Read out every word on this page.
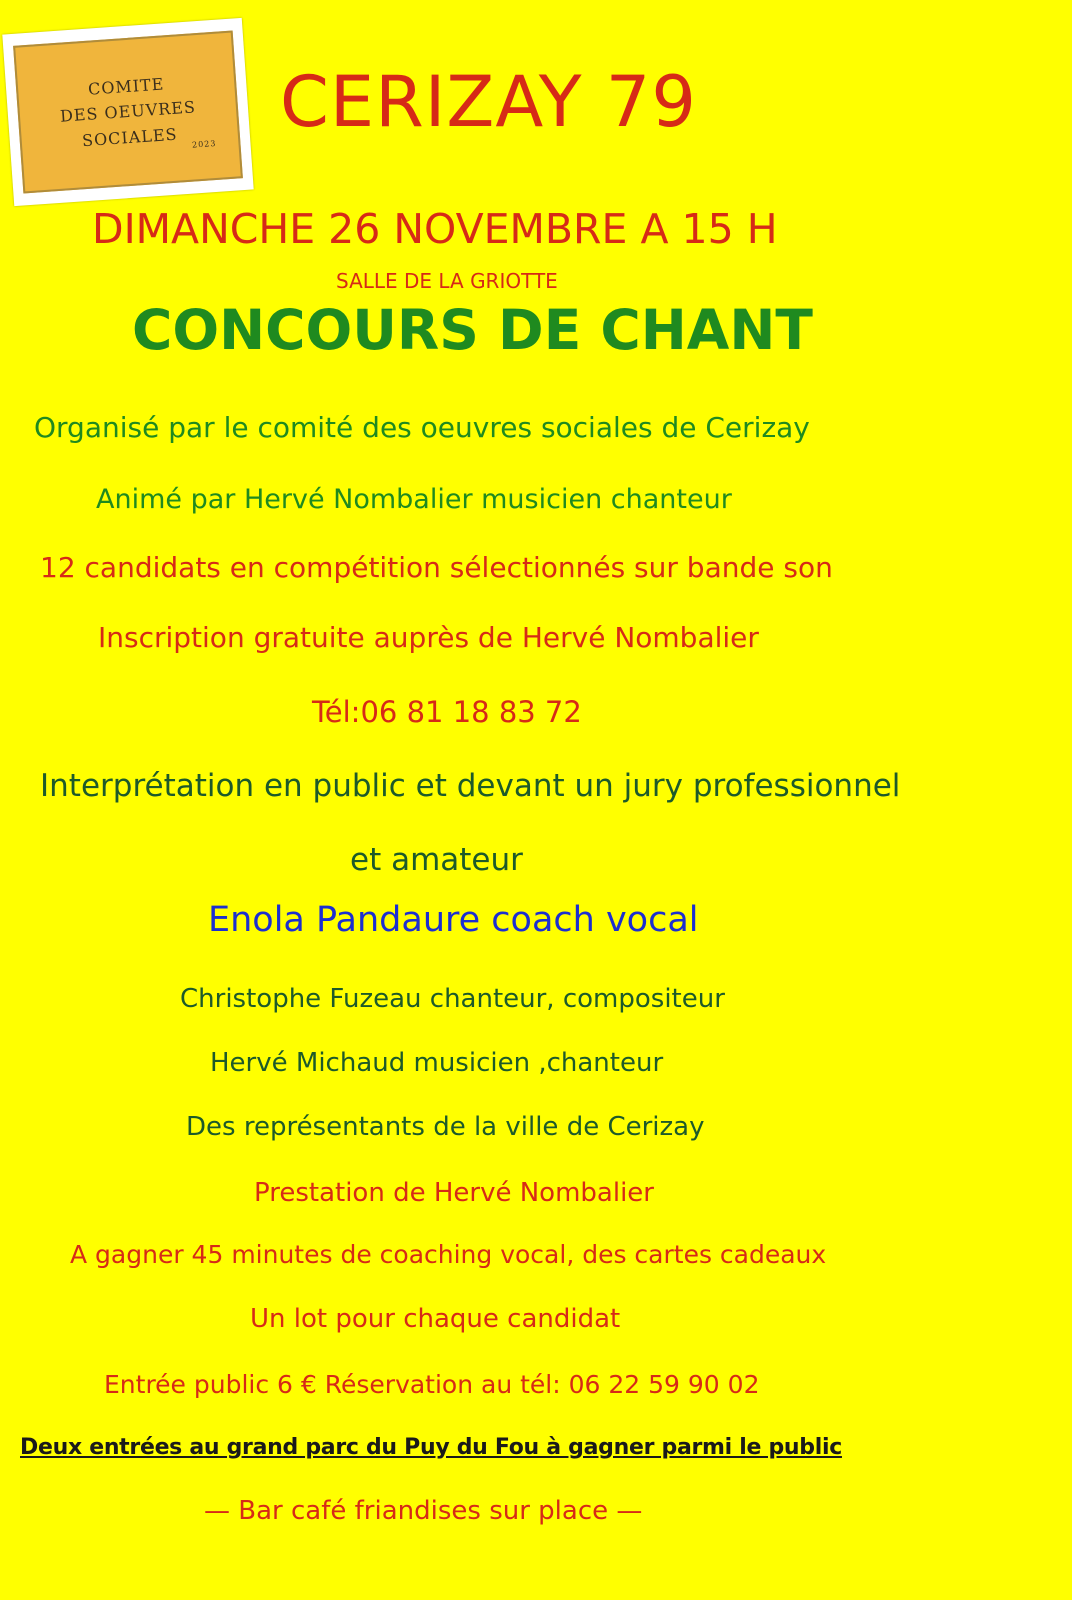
COMITE
DES OEUVRES
SOCIALES 2023
CERIZAY 79
DIMANCHE 26 NOVEMBRE A 15 H
SALLE DE LA GRIOTTE
CONCOURS DE CHANT
Organisé par le comité des oeuvres sociales de Cerizay
Animé par Hervé Nombalier musicien chanteur
12 candidats en compétition sélectionnés sur bande son
Inscription gratuite auprès de Hervé Nombalier
Tél:06 81 18 83 72
Interprétation en public et devant un jury professionnel
et amateur
Enola Pandaure coach vocal
Christophe Fuzeau chanteur, compositeur
Hervé Michaud musicien ,chanteur
Des représentants de la ville de Cerizay
Prestation de Hervé Nombalier
A gagner 45 minutes de coaching vocal, des cartes cadeaux
Un lot pour chaque candidat
Entrée public 6 € Réservation au tél: 06 22 59 90 02
Deux entrées au grand parc du Puy du Fou à gagner parmi le public
— Bar café friandises sur place —
